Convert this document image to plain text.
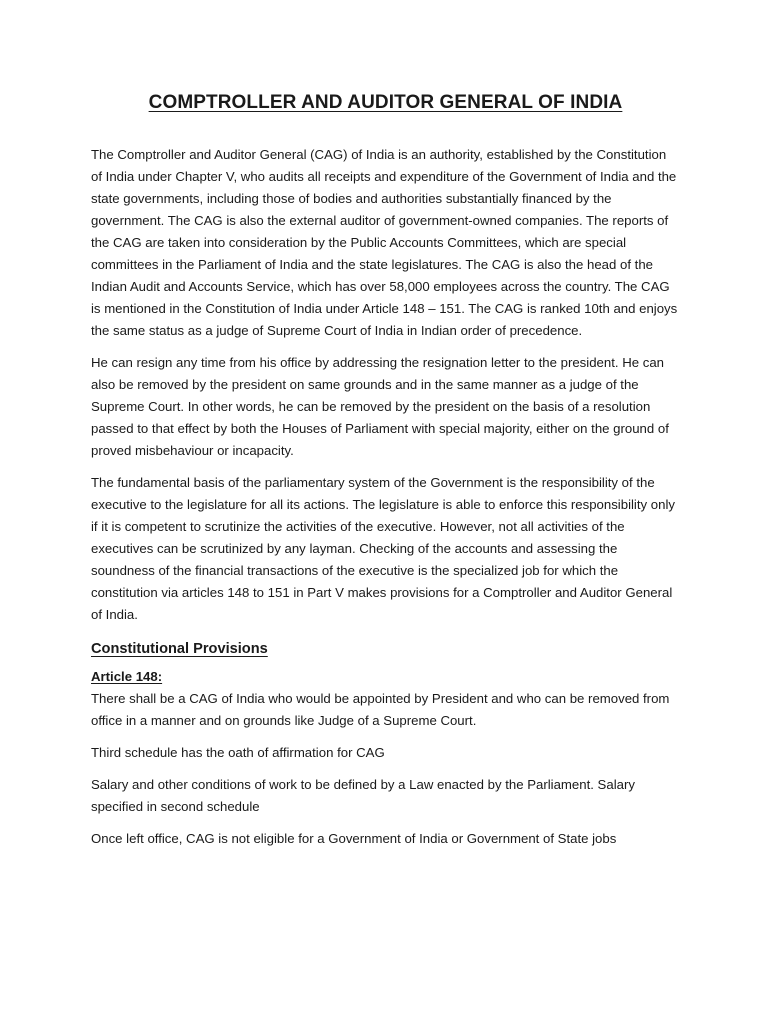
COMPTROLLER AND AUDITOR GENERAL OF INDIA

The Comptroller and Auditor General (CAG) of India is an authority, established by the Constitution of India under Chapter V, who audits all receipts and expenditure of the Government of India and the state governments, including those of bodies and authorities substantially financed by the government. The CAG is also the external auditor of government-owned companies. The reports of the CAG are taken into consideration by the Public Accounts Committees, which are special committees in the Parliament of India and the state legislatures. The CAG is also the head of the Indian Audit and Accounts Service, which has over 58,000 employees across the country. The CAG is mentioned in the Constitution of India under Article 148 – 151. The CAG is ranked 10th and enjoys the same status as a judge of Supreme Court of India in Indian order of precedence.

He can resign any time from his office by addressing the resignation letter to the president. He can also be removed by the president on same grounds and in the same manner as a judge of the Supreme Court. In other words, he can be removed by the president on the basis of a resolution passed to that effect by both the Houses of Parliament with special majority, either on the ground of proved misbehaviour or incapacity.

The fundamental basis of the parliamentary system of the Government is the responsibility of the executive to the legislature for all its actions. The legislature is able to enforce this responsibility only if it is competent to scrutinize the activities of the executive. However, not all activities of the executives can be scrutinized by any layman. Checking of the accounts and assessing the soundness of the financial transactions of the executive is the specialized job for which the constitution via articles 148 to 151 in Part V makes provisions for a Comptroller and Auditor General of India.

Constitutional Provisions

Article 148:

There shall be a CAG of India who would be appointed by President and who can be removed from office in a manner and on grounds like Judge of a Supreme Court.

Third schedule has the oath of affirmation for CAG

Salary and other conditions of work to be defined by a Law enacted by the Parliament. Salary specified in second schedule

Once left office, CAG is not eligible for a Government of India or Government of State jobs
